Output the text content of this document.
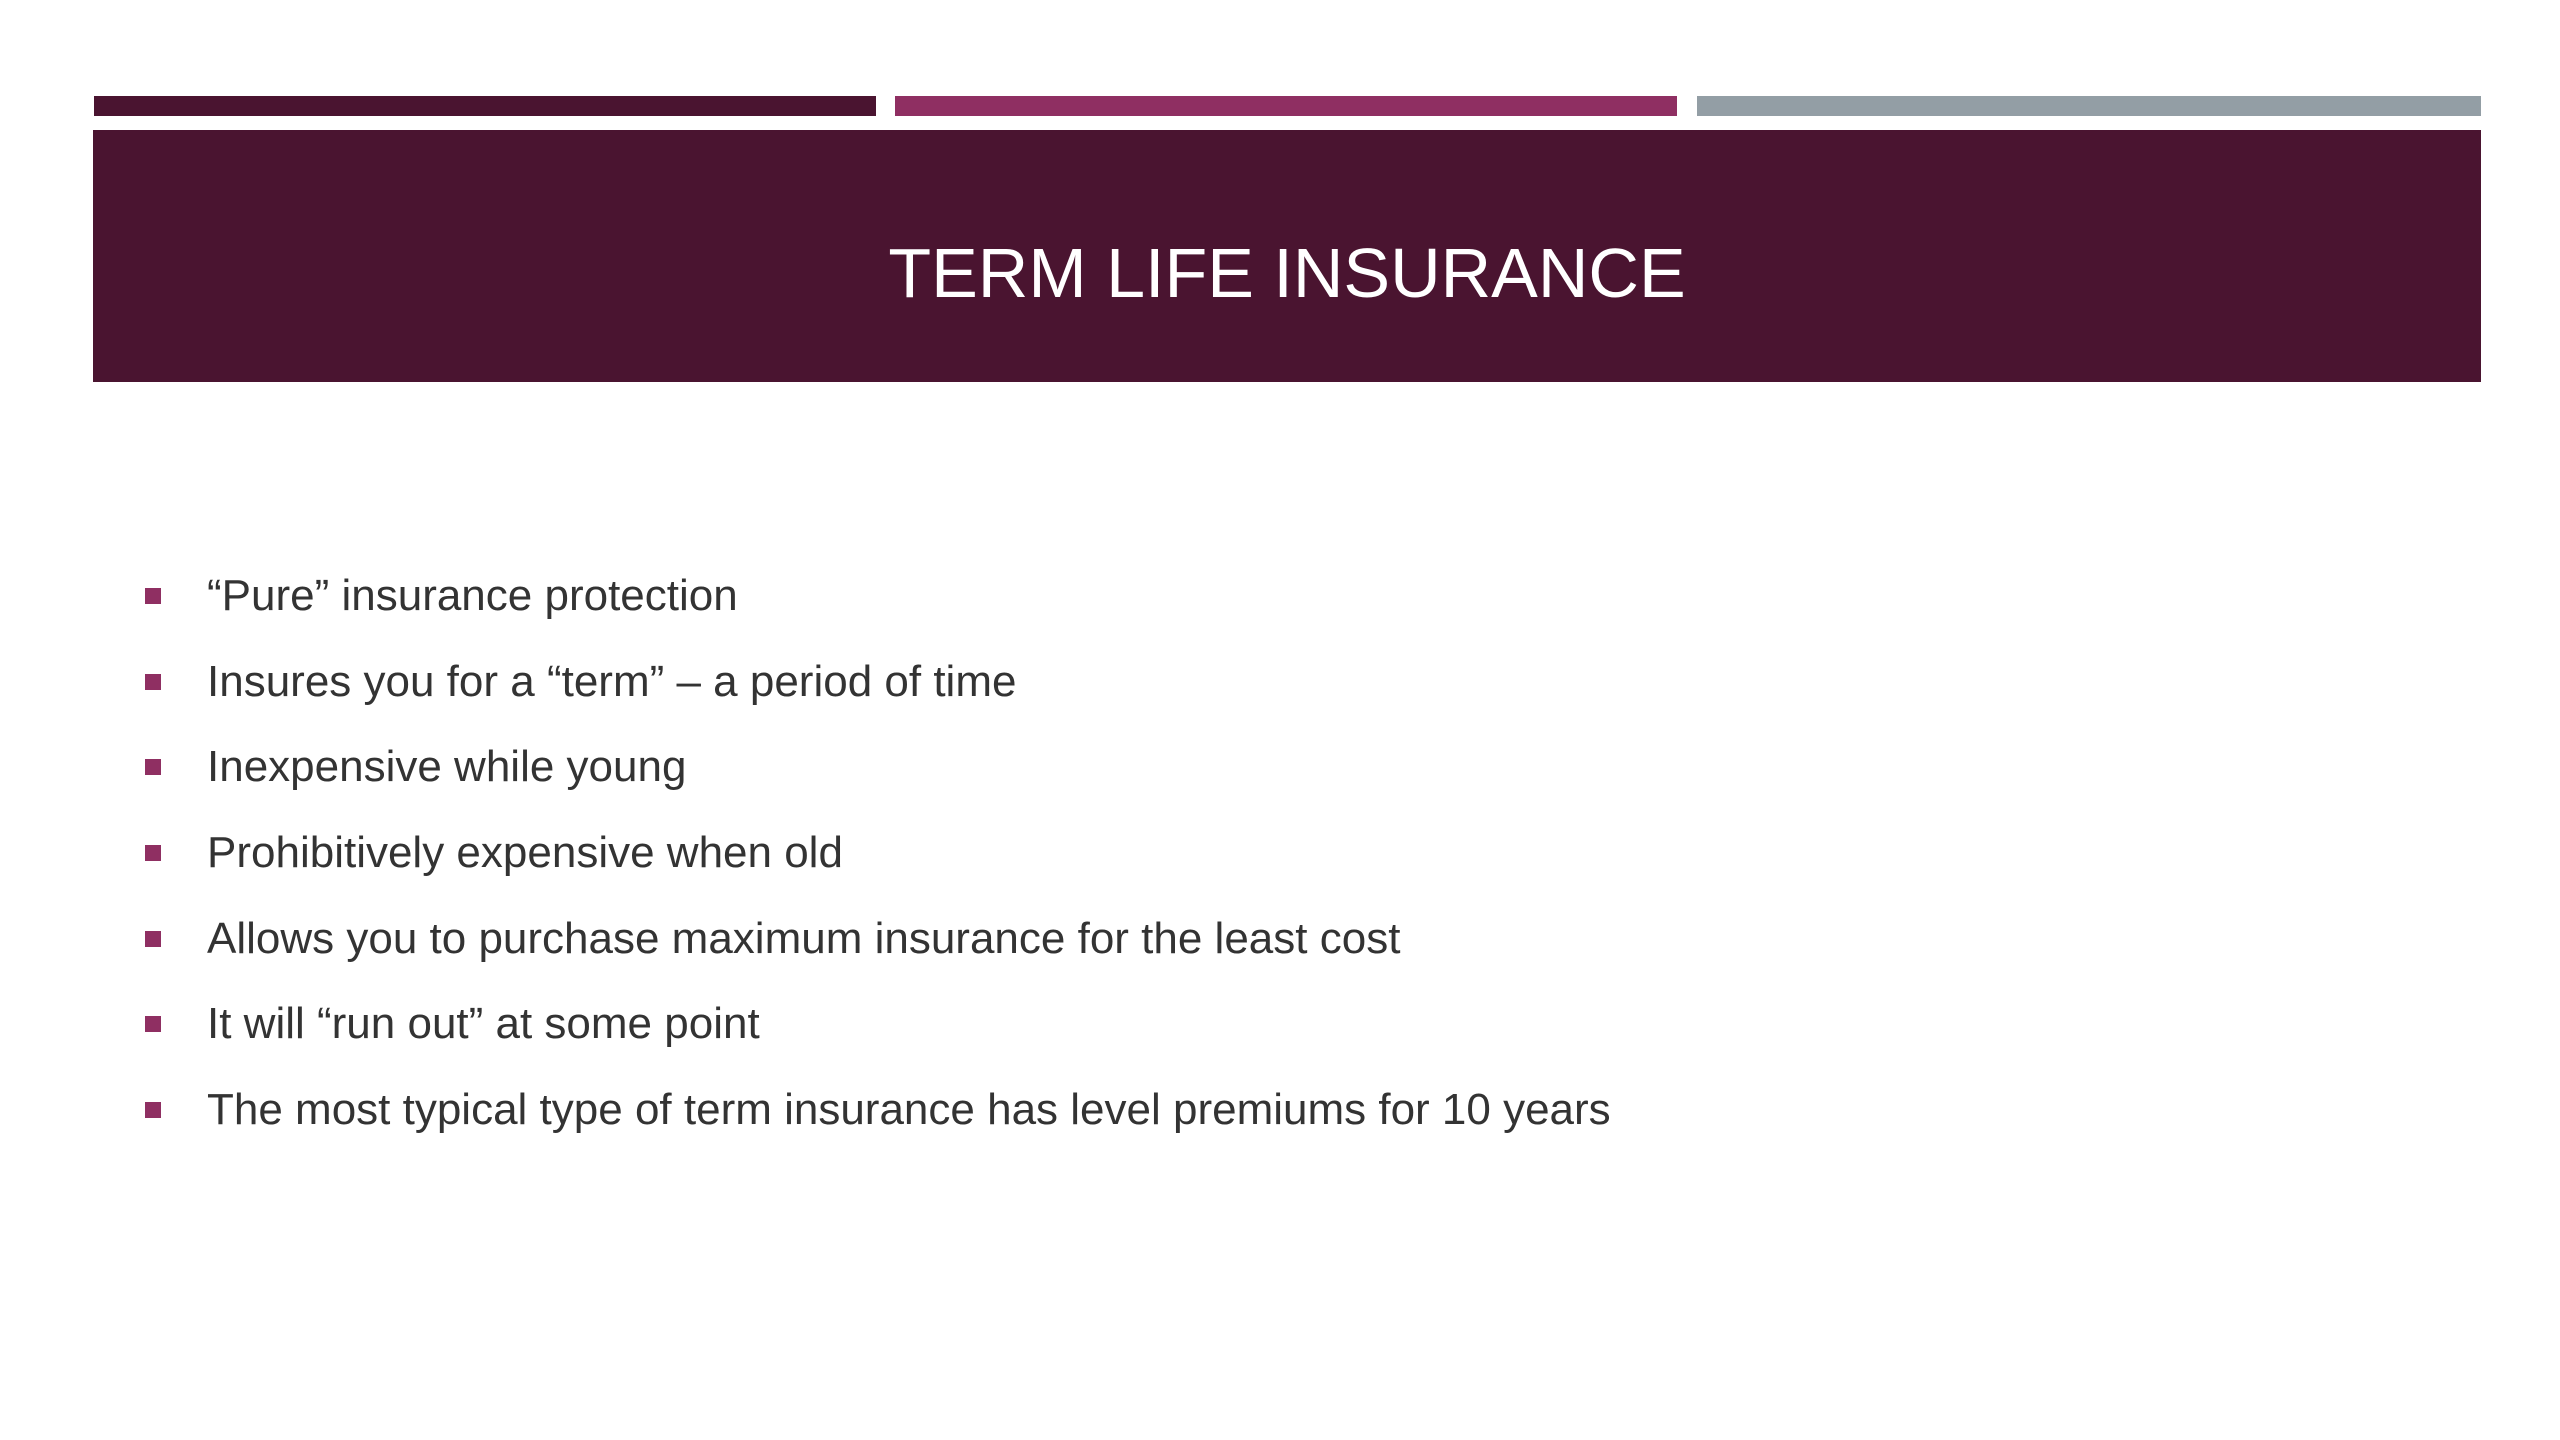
TERM LIFE INSURANCE
“Pure” insurance protection
Insures you for a “term” – a period of time
Inexpensive while young
Prohibitively expensive when old
Allows you to purchase maximum insurance for the least cost
It will “run out” at some point
The most typical type of term insurance has level premiums for 10 years
